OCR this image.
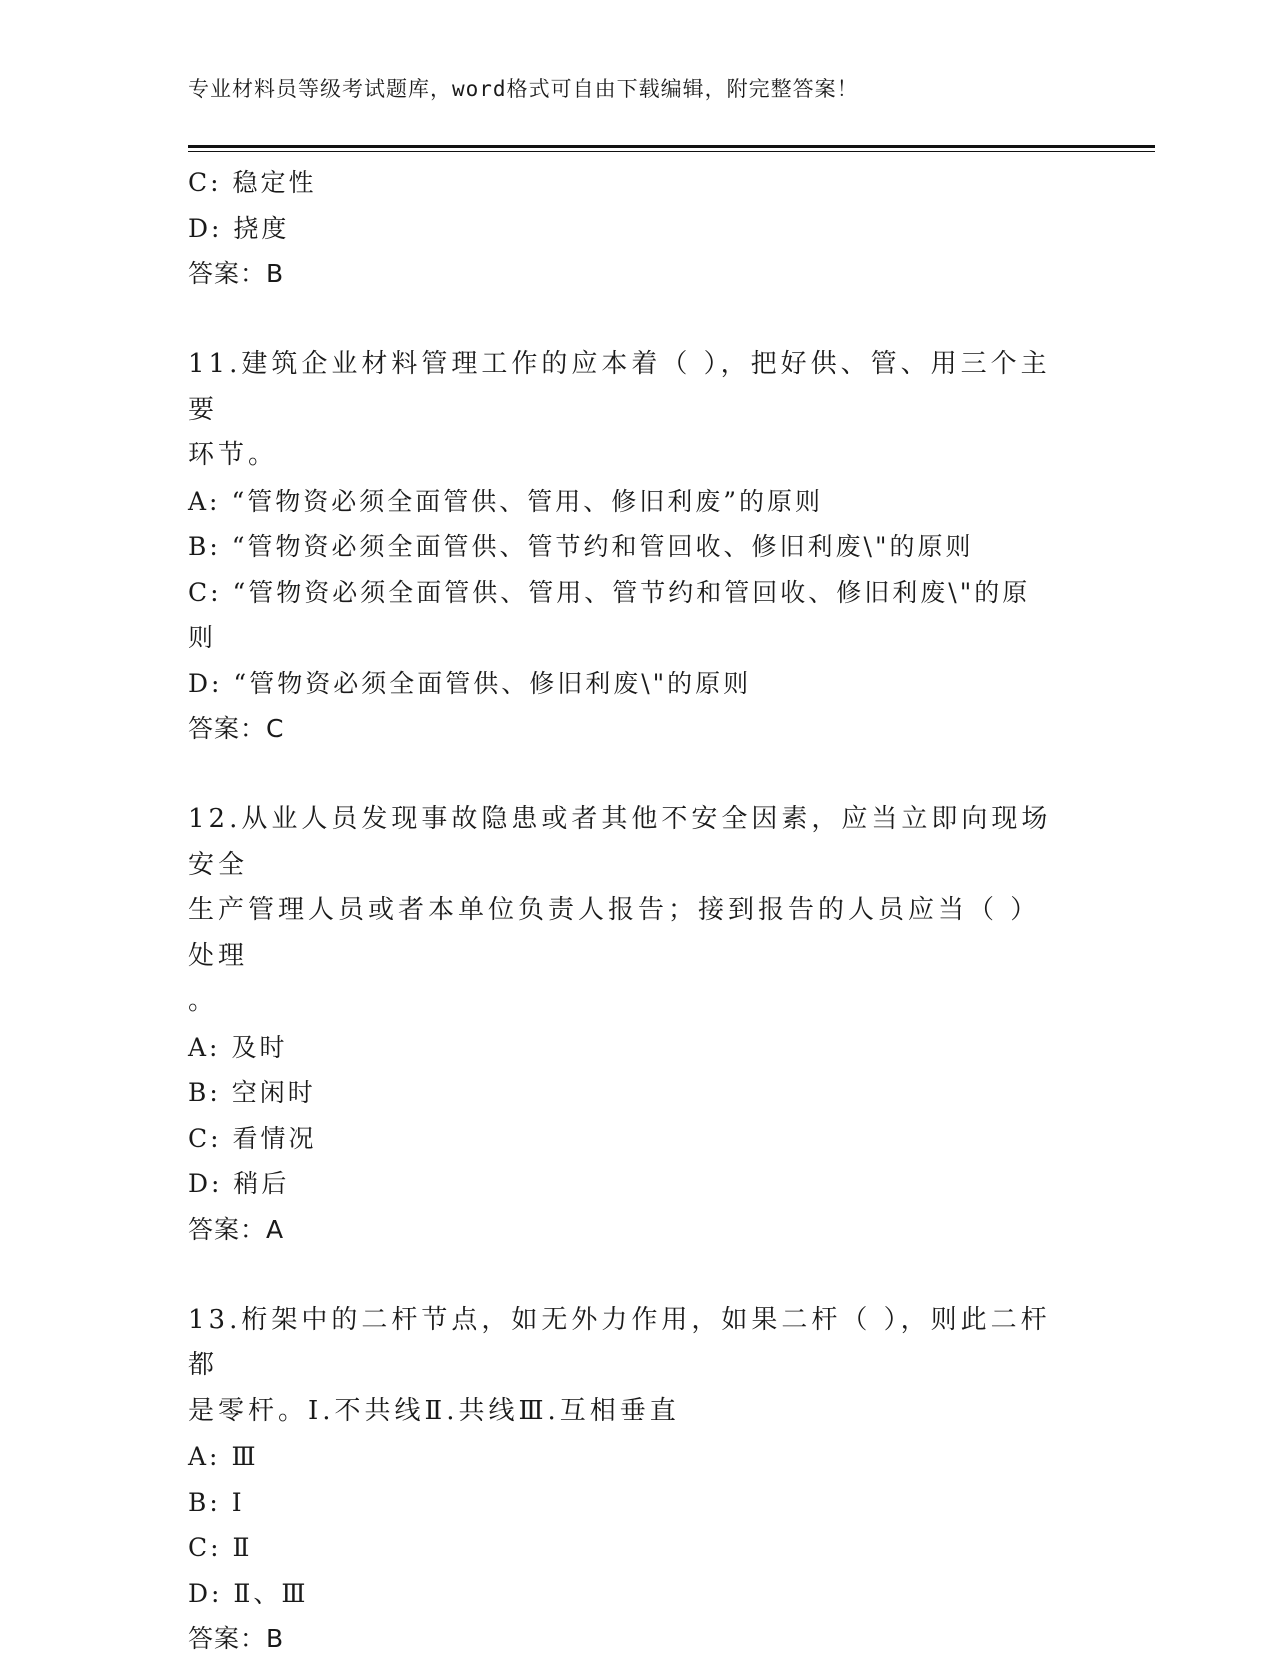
专业材料员等级考试题库，word格式可自由下载编辑，附完整答案！

C: 稳定性

D: 挠度

答案：B

11.建筑企业材料管理工作的应本着（ ），把好供、管、用三个主要

环节。

A: “管物资必须全面管供、管用、修旧利废”的原则

B: “管物资必须全面管供、管节约和管回收、修旧利废\"的原则

C: “管物资必须全面管供、管用、管节约和管回收、修旧利废\"的原

则

D: “管物资必须全面管供、修旧利废\"的原则

答案：C

12.从业人员发现事故隐患或者其他不安全因素，应当立即向现场安全

生产管理人员或者本单位负责人报告；接到报告的人员应当（ ）处理

。

A: 及时

B: 空闲时

C: 看情况

D: 稍后

答案：A

13.桁架中的二杆节点，如无外力作用，如果二杆（ ），则此二杆都

是零杆。I.不共线Ⅱ.共线Ⅲ.互相垂直

A: Ⅲ

B: I

C: Ⅱ

D: Ⅱ、Ⅲ

答案：B
